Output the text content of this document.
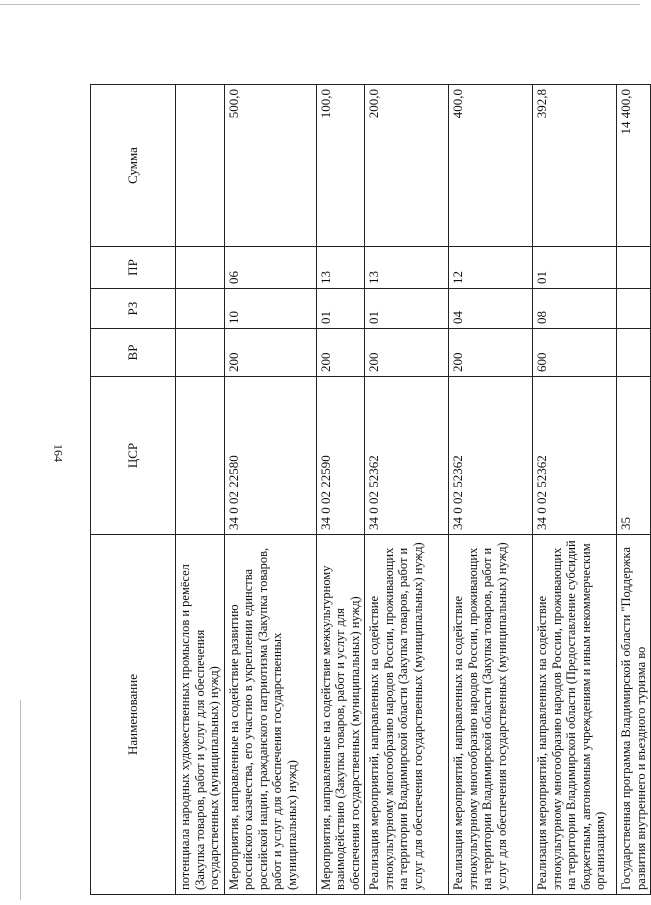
164
Наименование	ЦСР	ВР	РЗ	ПР	Сумма
потенциала народных художественных промыслов и ремёсел (Закупка товаров, работ и услуг для обеспечения государственных (муниципальных) нужд)					
Мероприятия, направленные на содействие развитию российского казачества, его участию в укреплении единства российской нации, гражданского патриотизма (Закупка товаров, работ и услуг для обеспечения государственных (муниципальных) нужд)	34 0 02 22580	200	10	06	500,0
Мероприятия, направленные на содействие межкультурному взаимодействию (Закупка товаров, работ и услуг для обеспечения государственных (муниципальных) нужд)	34 0 02 22590	200	01	13	100,0
Реализация мероприятий, направленных на содействие этнокультурному многообразию народов России, проживающих на территории Владимирской области (Закупка товаров, работ и услуг для обеспечения государственных (муниципальных) нужд)	34 0 02 52362	200	01	13	200,0
Реализация мероприятий, направленных на содействие этнокультурному многообразию народов России, проживающих на территории Владимирской области (Закупка товаров, работ и услуг для обеспечения государственных (муниципальных) нужд)	34 0 02 52362	200	04	12	400,0
Реализация мероприятий, направленных на содействие этнокультурному многообразию народов России, проживающих на территории Владимирской области (Предоставление субсидий бюджетным, автономным учреждениям и иным некоммерческим организациям)	34 0 02 52362	600	08	01	392,8
Государственная программа Владимирской области "Поддержка развития внутреннего и въездного туризма во	35				14 400,0
